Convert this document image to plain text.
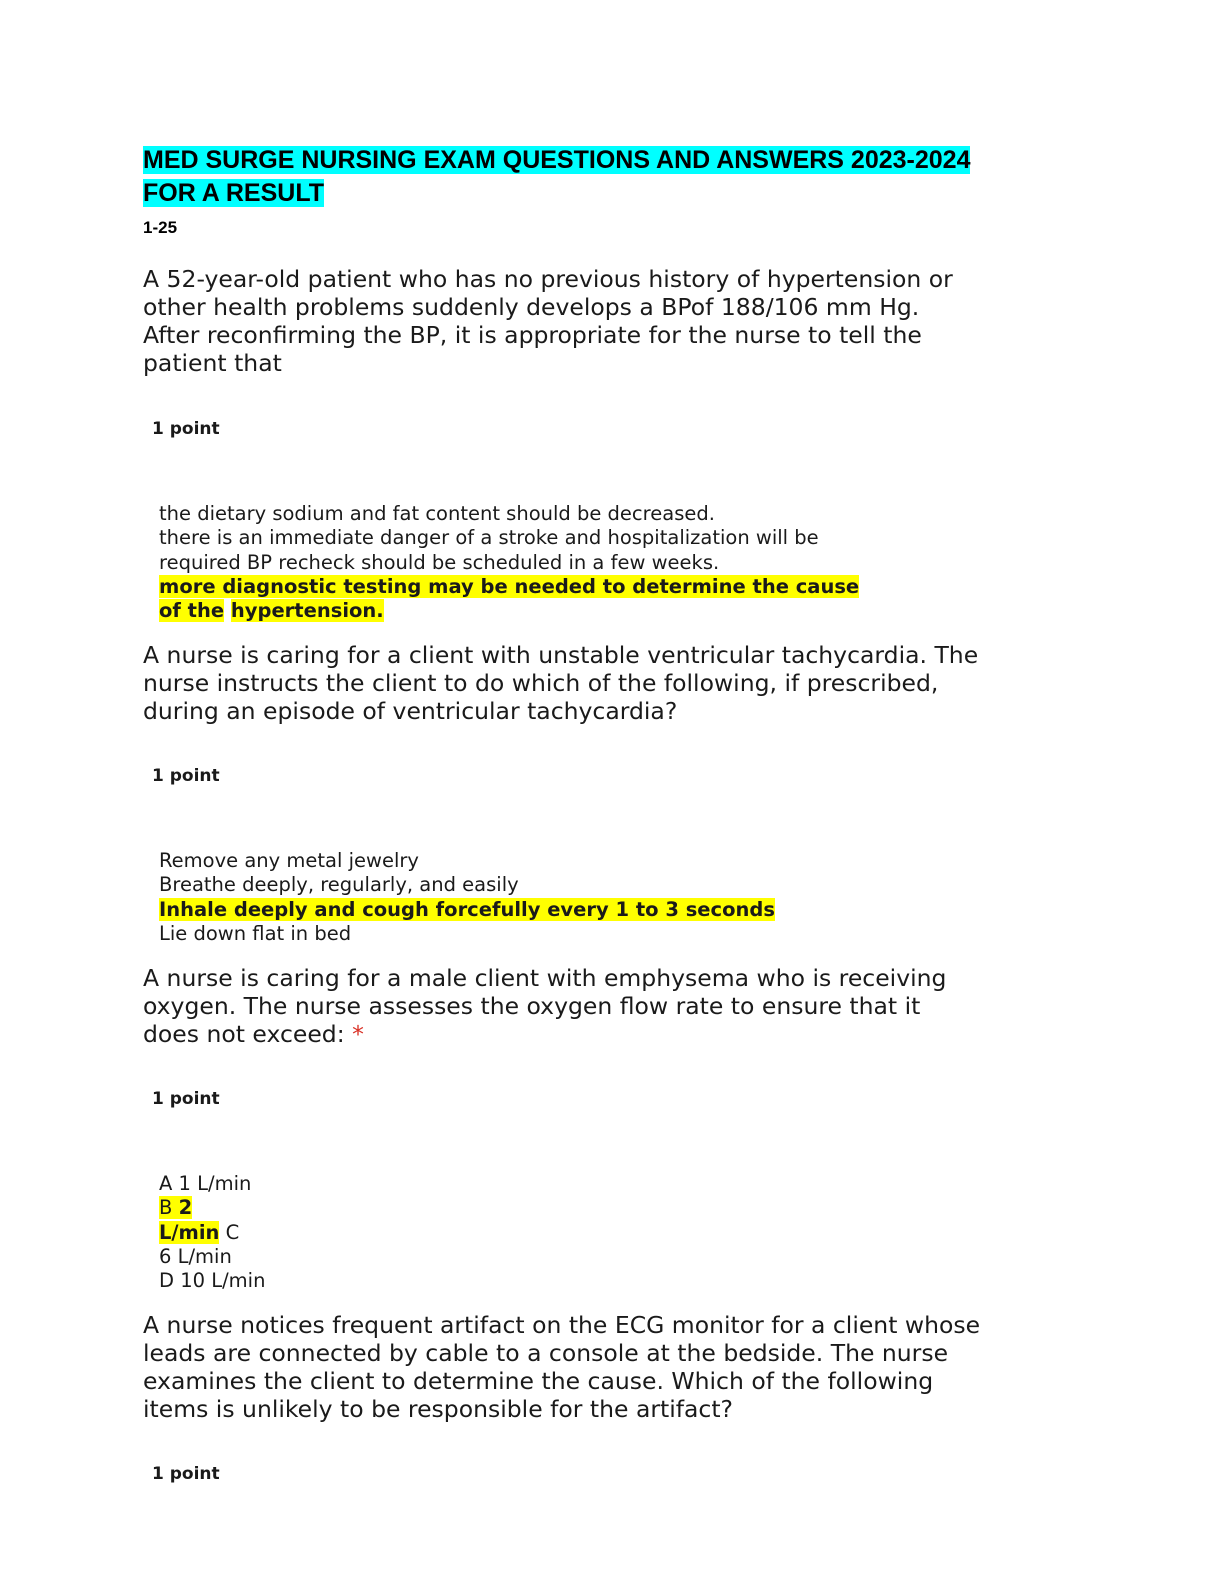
MED SURGE NURSING EXAM QUESTIONS AND ANSWERS 2023-2024
FOR A RESULT
1-25
A 52-year-old patient who has no previous history of hypertension or
other health problems suddenly develops a BPof 188/106 mm Hg.
After reconfirming the BP, it is appropriate for the nurse to tell the
patient that
1 point
the dietary sodium and fat content should be decreased.
there is an immediate danger of a stroke and hospitalization will be
required BP recheck should be scheduled in a few weeks.
more diagnostic testing may be needed to determine the cause
of the hypertension.
A nurse is caring for a client with unstable ventricular tachycardia. The
nurse instructs the client to do which of the following, if prescribed,
during an episode of ventricular tachycardia?
1 point
Remove any metal jewelry
Breathe deeply, regularly, and easily
Inhale deeply and cough forcefully every 1 to 3 seconds
Lie down flat in bed
A nurse is caring for a male client with emphysema who is receiving
oxygen. The nurse assesses the oxygen flow rate to ensure that it
does not exceed: *
1 point
A 1 L/min
B 2
L/min C
6 L/min
D 10 L/min
A nurse notices frequent artifact on the ECG monitor for a client whose
leads are connected by cable to a console at the bedside. The nurse
examines the client to determine the cause. Which of the following
items is unlikely to be responsible for the artifact?
1 point
